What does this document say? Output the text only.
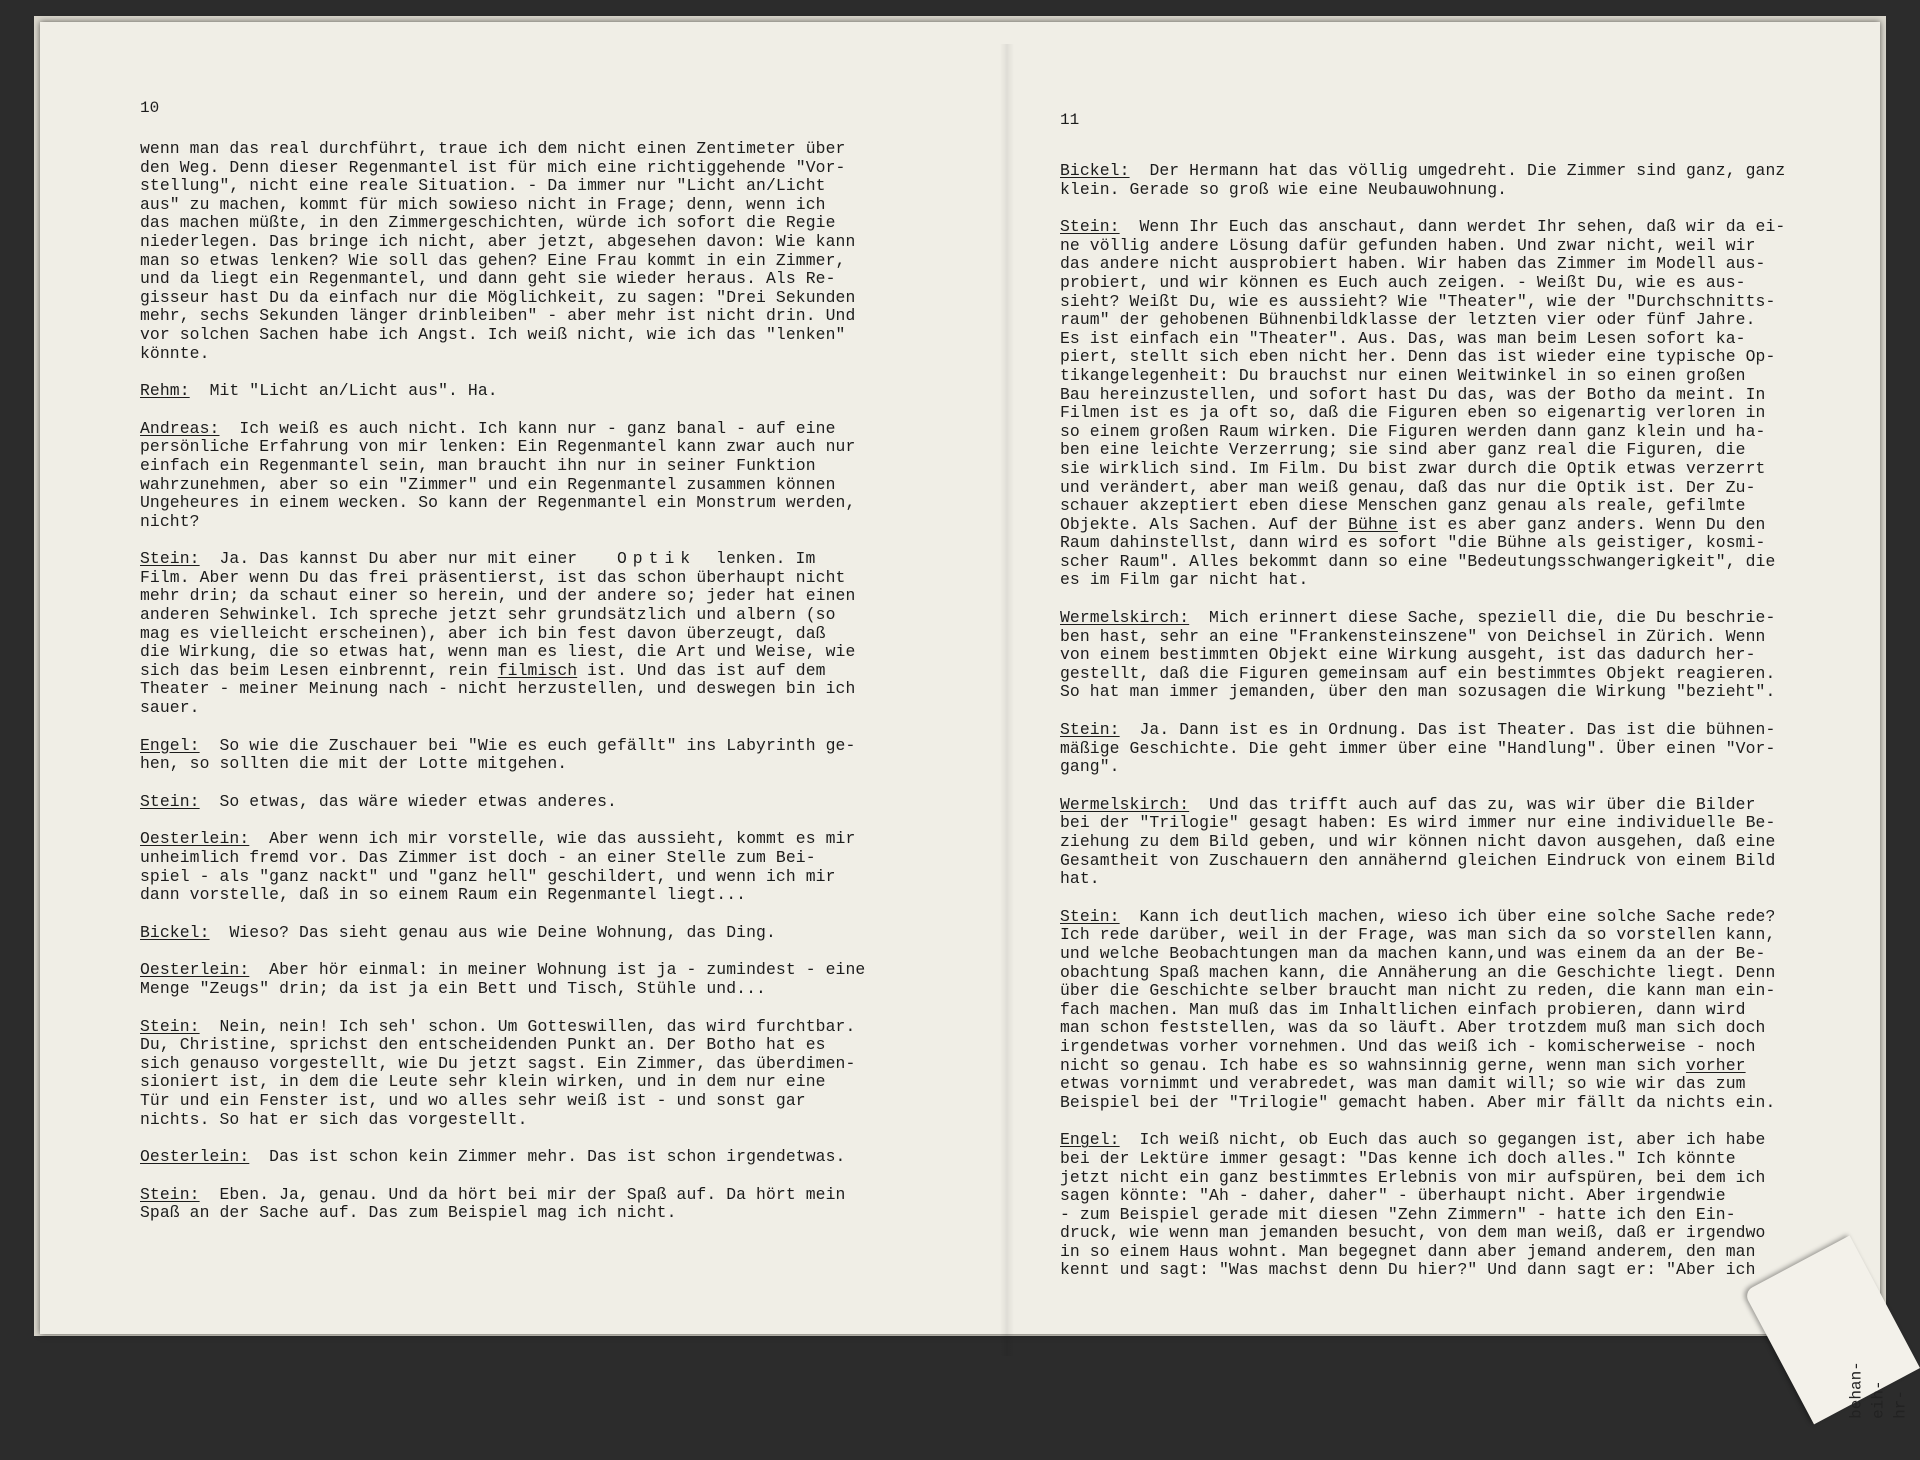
10

wenn man das real durchführt, traue ich dem nicht einen Zentimeter über
den Weg. Denn dieser Regenmantel ist für mich eine richtiggehende "Vor-
stellung", nicht eine reale Situation. - Da immer nur "Licht an/Licht
aus" zu machen, kommt für mich sowieso nicht in Frage; denn, wenn ich
das machen müßte, in den Zimmergeschichten, würde ich sofort die Regie
niederlegen. Das bringe ich nicht, aber jetzt, abgesehen davon: Wie kann
man so etwas lenken? Wie soll das gehen? Eine Frau kommt in ein Zimmer,
und da liegt ein Regenmantel, und dann geht sie wieder heraus. Als Re-
gisseur hast Du da einfach nur die Möglichkeit, zu sagen: "Drei Sekunden
mehr, sechs Sekunden länger drinbleiben" - aber mehr ist nicht drin. Und
vor solchen Sachen habe ich Angst. Ich weiß nicht, wie ich das "lenken"
könnte.

Rehm: Mit "Licht an/Licht aus". Ha.

Andreas: Ich weiß es auch nicht. Ich kann nur - ganz banal - auf eine
persönliche Erfahrung von mir lenken: Ein Regenmantel kann zwar auch nur
einfach ein Regenmantel sein, man braucht ihn nur in seiner Funktion
wahrzunehmen, aber so ein "Zimmer" und ein Regenmantel zusammen können
Ungeheures in einem wecken. So kann der Regenmantel ein Monstrum werden,
nicht?

Stein: Ja. Das kannst Du aber nur mit einer Optik lenken. Im
Film. Aber wenn Du das frei präsentierst, ist das schon überhaupt nicht
mehr drin; da schaut einer so herein, und der andere so; jeder hat einen
anderen Sehwinkel. Ich spreche jetzt sehr grundsätzlich und albern (so
mag es vielleicht erscheinen), aber ich bin fest davon überzeugt, daß
die Wirkung, die so etwas hat, wenn man es liest, die Art und Weise, wie
sich das beim Lesen einbrennt, rein filmisch ist. Und das ist auf dem
Theater - meiner Meinung nach - nicht herzustellen, und deswegen bin ich
sauer.

Engel: So wie die Zuschauer bei "Wie es euch gefällt" ins Labyrinth ge-
hen, so sollten die mit der Lotte mitgehen.

Stein: So etwas, das wäre wieder etwas anderes.

Oesterlein: Aber wenn ich mir vorstelle, wie das aussieht, kommt es mir
unheimlich fremd vor. Das Zimmer ist doch - an einer Stelle zum Bei-
spiel - als "ganz nackt" und "ganz hell" geschildert, und wenn ich mir
dann vorstelle, daß in so einem Raum ein Regenmantel liegt...

Bickel: Wieso? Das sieht genau aus wie Deine Wohnung, das Ding.

Oesterlein: Aber hör einmal: in meiner Wohnung ist ja - zumindest - eine
Menge "Zeugs" drin; da ist ja ein Bett und Tisch, Stühle und...

Stein: Nein, nein! Ich seh' schon. Um Gotteswillen, das wird furchtbar.
Du, Christine, sprichst den entscheidenden Punkt an. Der Botho hat es
sich genauso vorgestellt, wie Du jetzt sagst. Ein Zimmer, das überdimen-
sioniert ist, in dem die Leute sehr klein wirken, und in dem nur eine
Tür und ein Fenster ist, und wo alles sehr weiß ist - und sonst gar
nichts. So hat er sich das vorgestellt.

Oesterlein: Das ist schon kein Zimmer mehr. Das ist schon irgendetwas.

Stein: Eben. Ja, genau. Und da hört bei mir der Spaß auf. Da hört mein
Spaß an der Sache auf. Das zum Beispiel mag ich nicht.

11

Bickel: Der Hermann hat das völlig umgedreht. Die Zimmer sind ganz, ganz
klein. Gerade so groß wie eine Neubauwohnung.

Stein: Wenn Ihr Euch das anschaut, dann werdet Ihr sehen, daß wir da ei-
ne völlig andere Lösung dafür gefunden haben. Und zwar nicht, weil wir
das andere nicht ausprobiert haben. Wir haben das Zimmer im Modell aus-
probiert, und wir können es Euch auch zeigen. - Weißt Du, wie es aus-
sieht? Weißt Du, wie es aussieht? Wie "Theater", wie der "Durchschnitts-
raum" der gehobenen Bühnenbildklasse der letzten vier oder fünf Jahre.
Es ist einfach ein "Theater". Aus. Das, was man beim Lesen sofort ka-
piert, stellt sich eben nicht her. Denn das ist wieder eine typische Op-
tikangelegenheit: Du brauchst nur einen Weitwinkel in so einen großen
Bau hereinzustellen, und sofort hast Du das, was der Botho da meint. In
Filmen ist es ja oft so, daß die Figuren eben so eigenartig verloren in
so einem großen Raum wirken. Die Figuren werden dann ganz klein und ha-
ben eine leichte Verzerrung; sie sind aber ganz real die Figuren, die
sie wirklich sind. Im Film. Du bist zwar durch die Optik etwas verzerrt
und verändert, aber man weiß genau, daß das nur die Optik ist. Der Zu-
schauer akzeptiert eben diese Menschen ganz genau als reale, gefilmte
Objekte. Als Sachen. Auf der Bühne ist es aber ganz anders. Wenn Du den
Raum dahinstellst, dann wird es sofort "die Bühne als geistiger, kosmi-
scher Raum". Alles bekommt dann so eine "Bedeutungsschwangerigkeit", die
es im Film gar nicht hat.

Wermelskirch: Mich erinnert diese Sache, speziell die, die Du beschrie-
ben hast, sehr an eine "Frankensteinszene" von Deichsel in Zürich. Wenn
von einem bestimmten Objekt eine Wirkung ausgeht, ist das dadurch her-
gestellt, daß die Figuren gemeinsam auf ein bestimmtes Objekt reagieren.
So hat man immer jemanden, über den man sozusagen die Wirkung "bezieht".

Stein: Ja. Dann ist es in Ordnung. Das ist Theater. Das ist die bühnen-
mäßige Geschichte. Die geht immer über eine "Handlung". Über einen "Vor-
gang".

Wermelskirch: Und das trifft auch auf das zu, was wir über die Bilder
bei der "Trilogie" gesagt haben: Es wird immer nur eine individuelle Be-
ziehung zu dem Bild geben, und wir können nicht davon ausgehen, daß eine
Gesamtheit von Zuschauern den annähernd gleichen Eindruck von einem Bild
hat.

Stein: Kann ich deutlich machen, wieso ich über eine solche Sache rede?
Ich rede darüber, weil in der Frage, was man sich da so vorstellen kann,
und welche Beobachtungen man da machen kann,und was einem da an der Be-
obachtung Spaß machen kann, die Annäherung an die Geschichte liegt. Denn
über die Geschichte selber braucht man nicht zu reden, die kann man ein-
fach machen. Man muß das im Inhaltlichen einfach probieren, dann wird
man schon feststellen, was da so läuft. Aber trotzdem muß man sich doch
irgendetwas vorher vornehmen. Und das weiß ich - komischerweise - noch
nicht so genau. Ich habe es so wahnsinnig gerne, wenn man sich vorher
etwas vornimmt und verabredet, was man damit will; so wie wir das zum
Beispiel bei der "Trilogie" gemacht haben. Aber mir fällt da nichts ein.

Engel: Ich weiß nicht, ob Euch das auch so gegangen ist, aber ich habe
bei der Lektüre immer gesagt: "Das kenne ich doch alles." Ich könnte
jetzt nicht ein ganz bestimmtes Erlebnis von mir aufspüren, bei dem ich
sagen könnte: "Ah - daher, daher" - überhaupt nicht. Aber irgendwie
- zum Beispiel gerade mit diesen "Zehn Zimmern" - hatte ich den Ein-
druck, wie wenn man jemanden besucht, von dem man weiß, daß er irgendwo
in so einem Haus wohnt. Man begegnet dann aber jemand anderem, den man
kennt und sagt: "Was machst denn Du hier?" Und dann sagt er: "Aber ich

behan-
eih-
hr-
